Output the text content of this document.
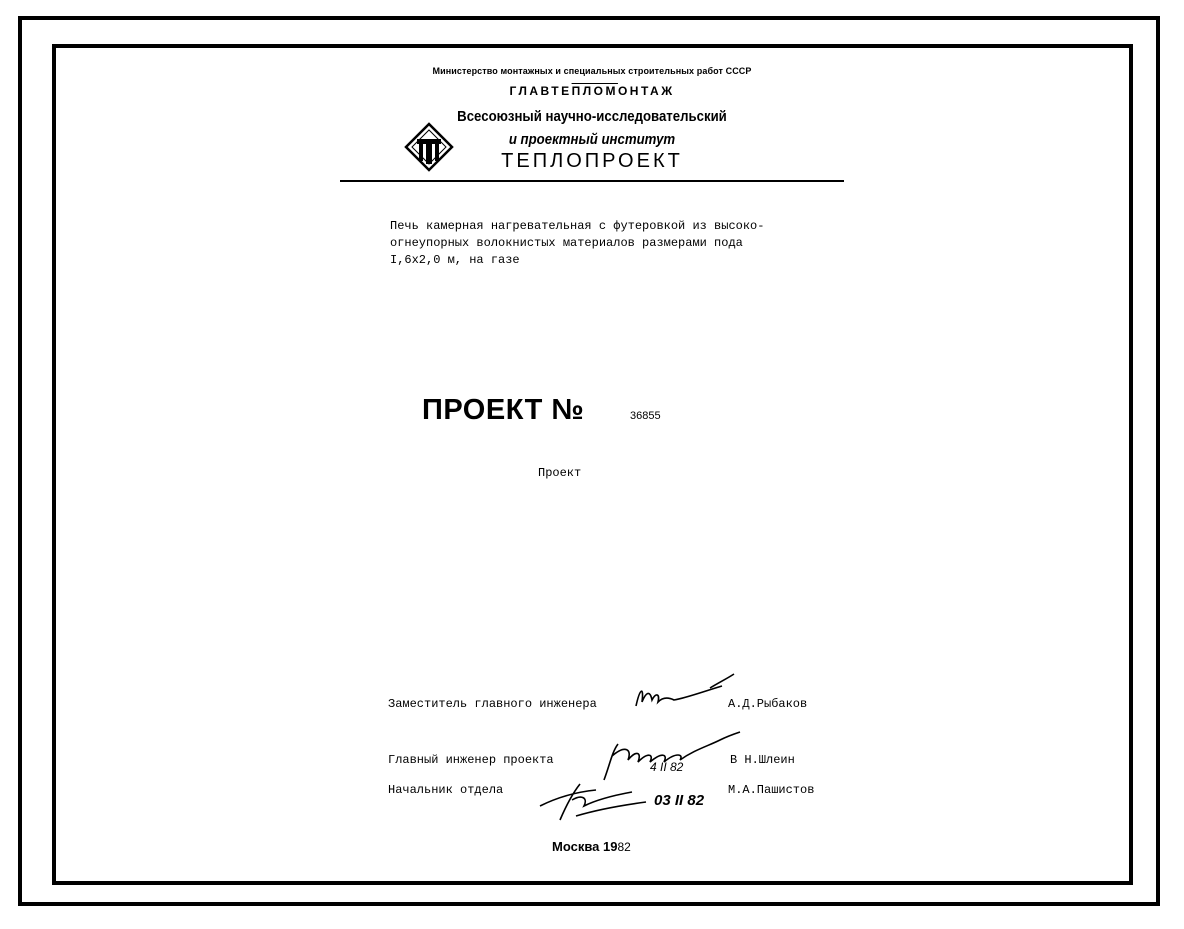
Министерство монтажных и специальных строительных работ СССР
ГЛАВТЕПЛОМОНТАЖ
Всесоюзный научно-исследовательский
и проектный институт
ТЕПЛОПРОЕКТ
Печь камерная нагревательная с футеровкой из высоко-
огнеупорных волокнистых материалов размерами пода
I,6x2,0 м, на газе
ПРОЕКТ №	36855
Проект
Заместитель главного инженера	А.Д.Рыбаков
Главный инженер проекта	В Н.Шлеин
Начальник отдела	М.А.Пашистов
4 II 82
03 II 82
Москва 1982
